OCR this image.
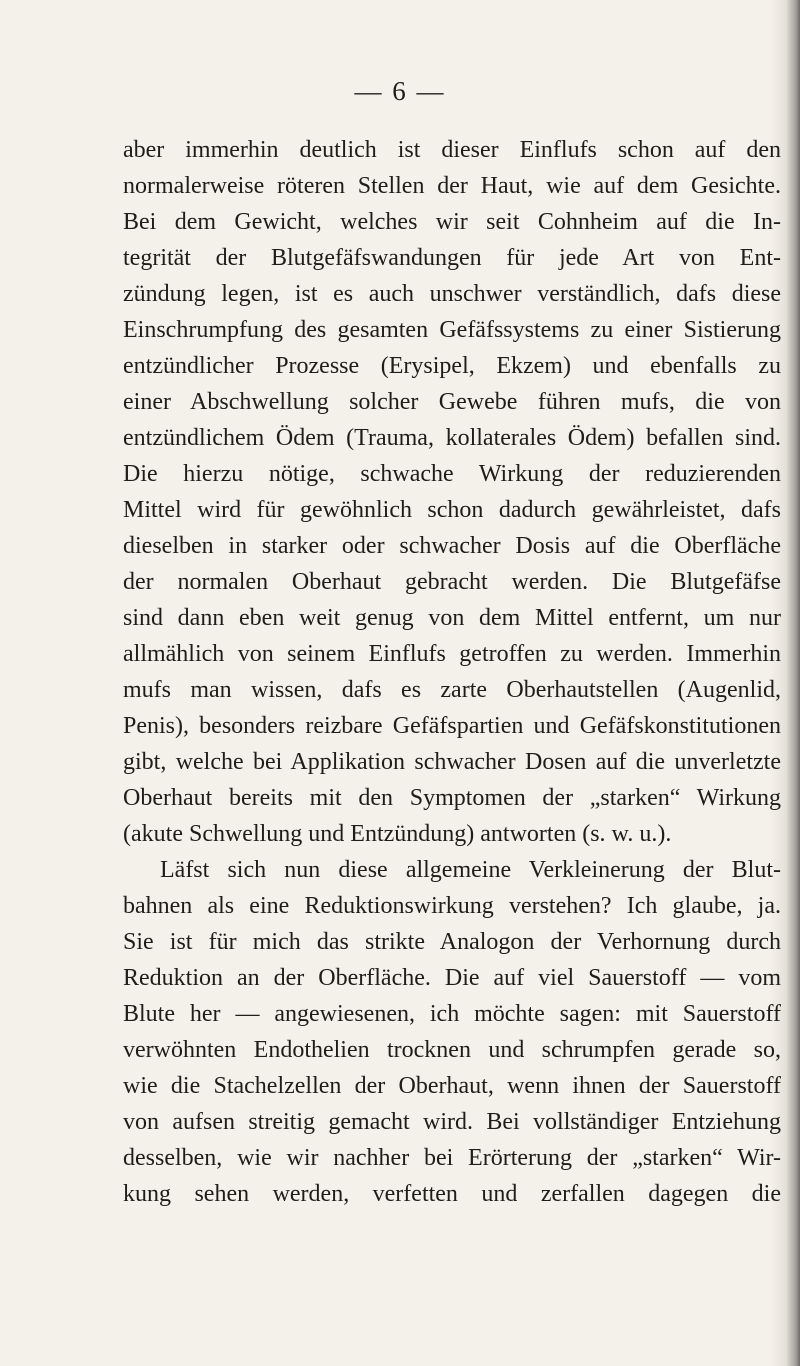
— 6 —
aber immerhin deutlich ist dieser Einflufs schon auf den
normalerweise röteren Stellen der Haut, wie auf dem Gesichte.
Bei dem Gewicht, welches wir seit Cohnheim auf die In-
tegrität der Blutgefäfswandungen für jede Art von Ent-
zündung legen, ist es auch unschwer verständlich, dafs diese
Einschrumpfung des gesamten Gefäfssystems zu einer Sistierung
entzündlicher Prozesse (Erysipel, Ekzem) und ebenfalls zu
einer Abschwellung solcher Gewebe führen mufs, die von
entzündlichem Ödem (Trauma, kollaterales Ödem) befallen sind.
Die hierzu nötige, schwache Wirkung der reduzierenden
Mittel wird für gewöhnlich schon dadurch gewährleistet, dafs
dieselben in starker oder schwacher Dosis auf die Oberfläche
der normalen Oberhaut gebracht werden. Die Blutgefäfse
sind dann eben weit genug von dem Mittel entfernt, um nur
allmählich von seinem Einflufs getroffen zu werden. Immerhin
mufs man wissen, dafs es zarte Oberhautstellen (Augenlid,
Penis), besonders reizbare Gefäfspartien und Gefäfskonstitutionen
gibt, welche bei Applikation schwacher Dosen auf die unverletzte
Oberhaut bereits mit den Symptomen der „starken“ Wirkung
(akute Schwellung und Entzündung) antworten (s. w. u.).
Läfst sich nun diese allgemeine Verkleinerung der Blut-
bahnen als eine Reduktionswirkung verstehen? Ich glaube, ja.
Sie ist für mich das strikte Analogon der Verhornung durch
Reduktion an der Oberfläche. Die auf viel Sauerstoff — vom
Blute her — angewiesenen, ich möchte sagen: mit Sauerstoff
verwöhnten Endothelien trocknen und schrumpfen gerade so,
wie die Stachelzellen der Oberhaut, wenn ihnen der Sauerstoff
von aufsen streitig gemacht wird. Bei vollständiger Entziehung
desselben, wie wir nachher bei Erörterung der „starken“ Wir-
kung sehen werden, verfetten und zerfallen dagegen die
